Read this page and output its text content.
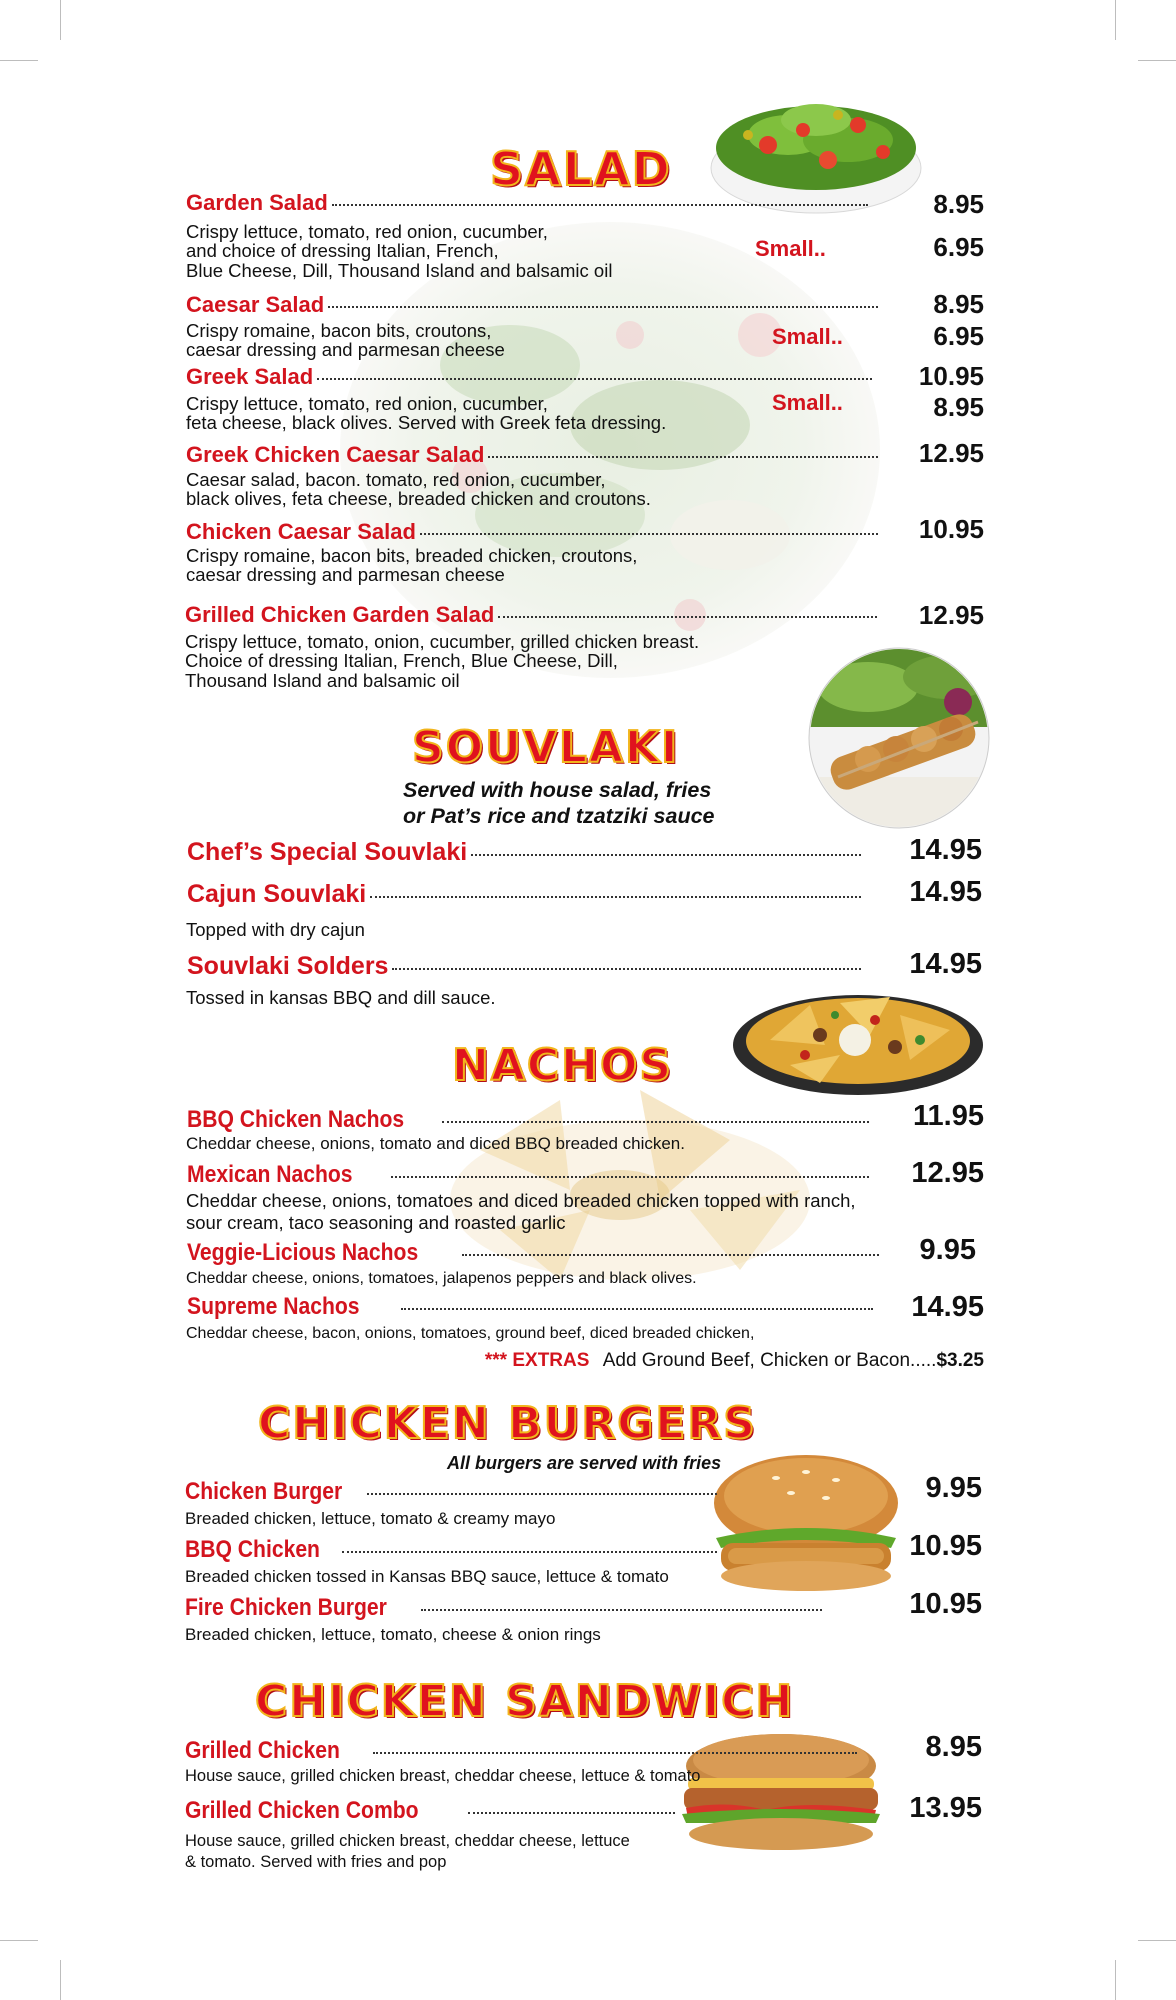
SALAD
Garden Salad	8.95
Crispy lettuce, tomato, red onion, cucumber,
and choice of dressing Italian, French,
Blue Cheese, Dill, Thousand Island and balsamic oil
Small..	6.95
Caesar Salad	8.95
Crispy romaine, bacon bits, croutons,
caesar dressing and parmesan cheese
Small..	6.95
Greek Salad	10.95
Crispy lettuce, tomato, red onion, cucumber,
feta cheese, black olives. Served with Greek feta dressing.
Small..	8.95
Greek Chicken Caesar Salad	12.95
Caesar salad, bacon. tomato, red onion, cucumber,
black olives, feta cheese, breaded chicken and croutons.
Chicken Caesar Salad	10.95
Crispy romaine, bacon bits, breaded chicken, croutons,
caesar dressing and parmesan cheese
Grilled Chicken Garden Salad	12.95
Crispy lettuce, tomato, onion, cucumber, grilled chicken breast.
Choice of dressing Italian, French, Blue Cheese, Dill,
Thousand Island and balsamic oil
SOUVLAKI
Served with house salad, fries
or Pat’s rice and tzatziki sauce
Chef’s Special Souvlaki	14.95
Cajun Souvlaki	14.95
Topped with dry cajun
Souvlaki Solders	14.95
Tossed in kansas BBQ and dill sauce.
NACHOS
BBQ Chicken Nachos	11.95
Cheddar cheese, onions, tomato and diced BBQ breaded chicken.
Mexican Nachos	12.95
Cheddar cheese, onions, tomatoes and diced breaded chicken topped with ranch,
sour cream, taco seasoning and roasted garlic
Veggie-Licious Nachos	9.95
Cheddar cheese, onions, tomatoes, jalapenos peppers and black olives.
Supreme Nachos	14.95
Cheddar cheese, bacon, onions, tomatoes, ground beef, diced breaded chicken,
*** EXTRAS Add Ground Beef, Chicken or Bacon.....$3.25
CHICKEN BURGERS
All burgers are served with fries
Chicken Burger	9.95
Breaded chicken, lettuce, tomato & creamy mayo
BBQ Chicken	10.95
Breaded chicken tossed in Kansas BBQ sauce, lettuce & tomato
Fire Chicken Burger	10.95
Breaded chicken, lettuce, tomato, cheese & onion rings
CHICKEN SANDWICH
Grilled Chicken	8.95
House sauce, grilled chicken breast, cheddar cheese, lettuce & tomato
Grilled Chicken Combo	13.95
House sauce, grilled chicken breast, cheddar cheese, lettuce
& tomato. Served with fries and pop
